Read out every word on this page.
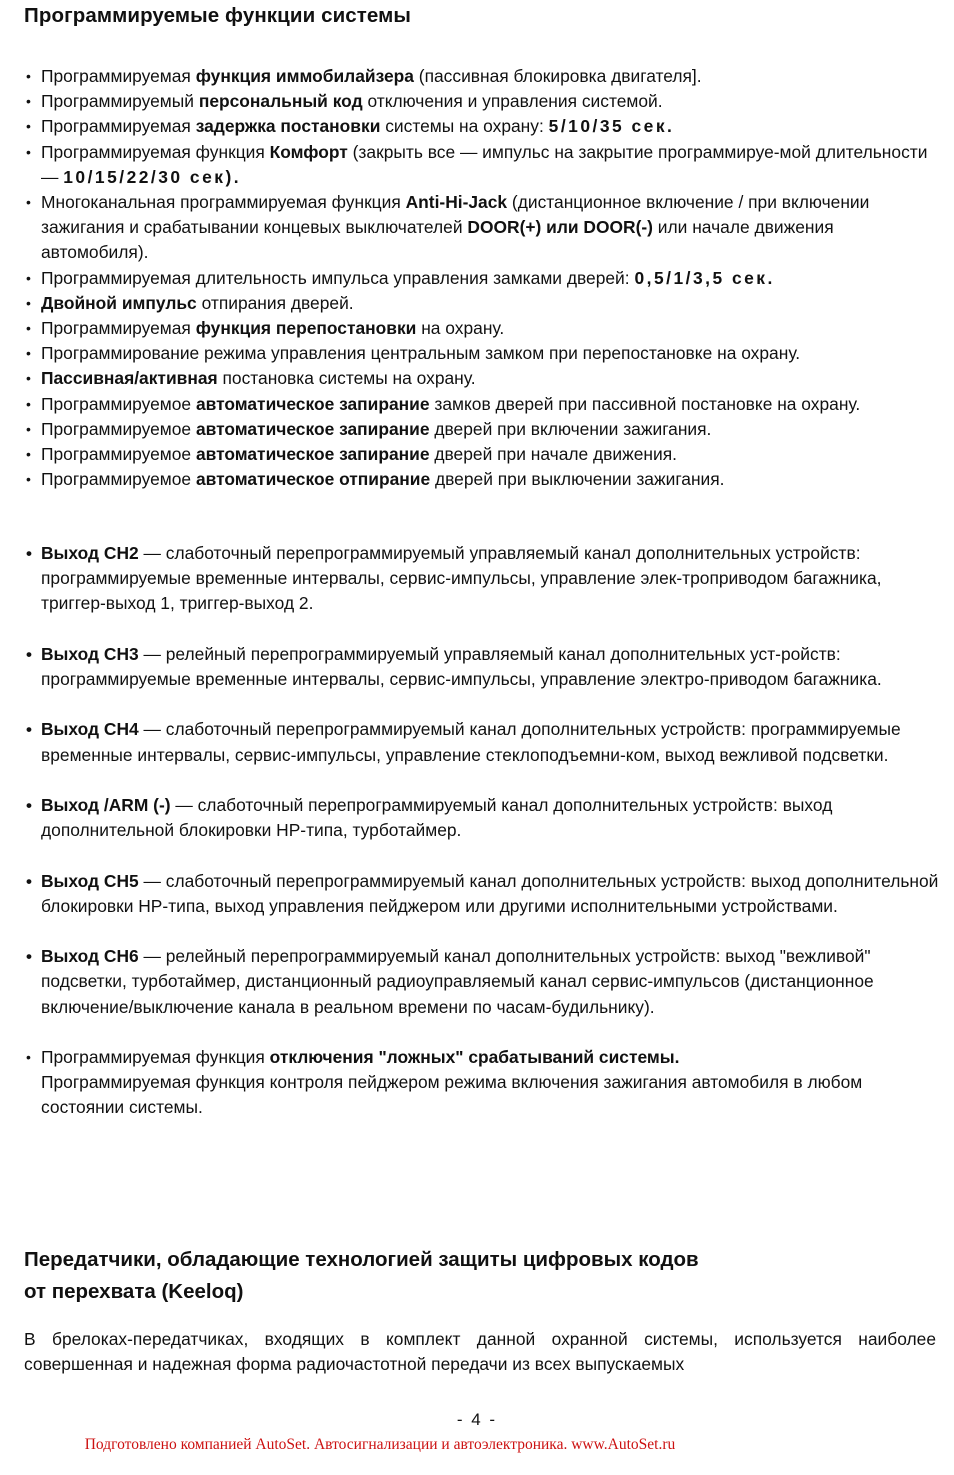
Программируемые функции системы
• Программируемая функция иммобилайзера (пассивная блокировка двигателя].
• Программируемый персональный код отключения и управления системой.
• Программируемая задержка постановки системы на охрану: 5/10/35 сек.
• Программируемая функция Комфорт (закрыть все — импульс на закрытие программируе-мой длительности — 10/15/22/30 сек).
• Многоканальная программируемая функция Anti-Hi-Jack (дистанционное включение / при включении зажигания и срабатывании концевых выключателей DOOR(+) или DOOR(-) или начале движения автомобиля).
• Программируемая длительность импульса управления замками дверей: 0,5/1/3,5 сек.
• Двойной импульс отпирания дверей.
• Программируемая функция перепостановки на охрану.
• Программирование режима управления центральным замком при перепостановке на охрану.
• Пассивная/активная постановка системы на охрану.
• Программируемое автоматическое запирание замков дверей при пассивной постановке на охрану.
• Программируемое автоматическое запирание дверей при включении зажигания.
• Программируемое автоматическое запирание дверей при начале движения.
• Программируемое автоматическое отпирание дверей при выключении зажигания.
• Выход CH2 — слаботочный перепрограммируемый управляемый канал дополнительных устройств: программируемые временные интервалы, сервис-импульсы, управление элек-троприводом багажника, триггер-выход 1, триггер-выход 2.
• Выход CH3 — релейный перепрограммируемый управляемый канал дополнительных уст-ройств: программируемые временные интервалы, сервис-импульсы, управление электро-приводом багажника.
• Выход CH4 — слаботочный перепрограммируемый канал дополнительных устройств: программируемые временные интервалы, сервис-импульсы, управление стеклоподъемни-ком, выход вежливой подсветки.
• Выход /ARM (-) — слаботочный перепрограммируемый канал дополнительных устройств: выход дополнительной блокировки НР-типа, турботаймер.
• Выход CH5 — слаботочный перепрограммируемый канал дополнительных устройств: выход дополнительной блокировки НР-типа, выход управления пейджером или другими исполнительными устройствами.
• Выход CH6 — релейный перепрограммируемый канал дополнительных устройств: выход "вежливой" подсветки, турботаймер, дистанционный радиоуправляемый канал сервис-импульсов (дистанционное включение/выключение канала в реальном времени по часам-будильнику).
• Программируемая функция отключения "ложных" срабатываний системы.
Программируемая функция контроля пейджером режима включения зажигания автомобиля в любом состоянии системы.
Передатчики, обладающие технологией защиты цифровых кодов
от перехвата (Keeloq)
В брелоках-передатчиках, входящих в комплект данной охранной системы, используется наиболее совершенная и надежная форма радиочастотной передачи из всех выпускаемых
- 4 -
Подготовлено компанией AutoSet. Автосигнализации и автоэлектроника. www.AutoSet.ru
